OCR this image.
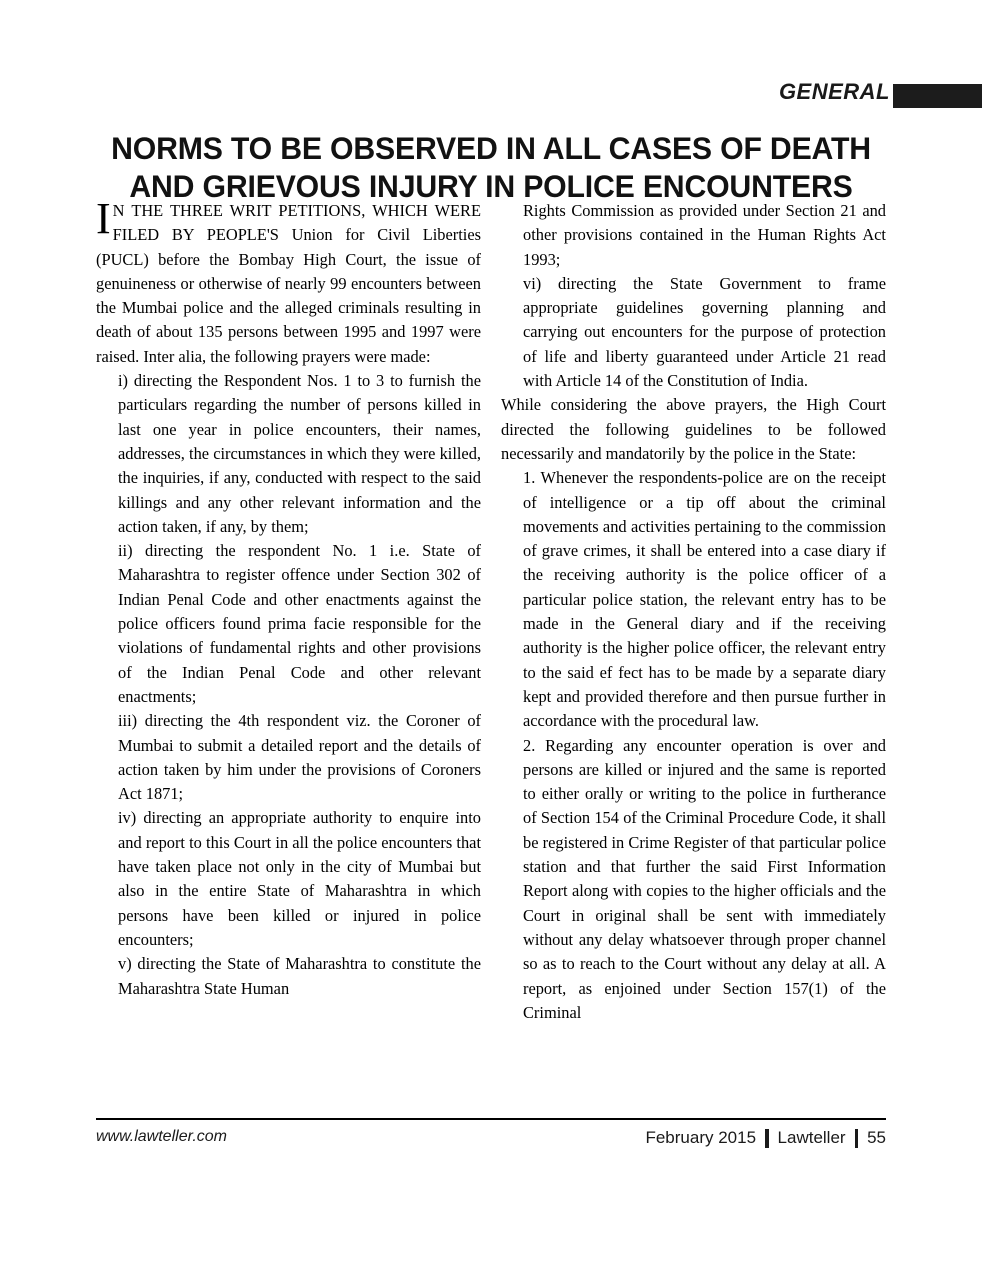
GENERAL
NORMS TO BE OBSERVED IN ALL CASES OF DEATH
AND GRIEVOUS INJURY IN POLICE ENCOUNTERS

I N THE THREE WRIT PETITIONS, WHICH WERE FILED BY PEOPLE'S Union for Civil Liberties (PUCL) before the Bombay High Court, the issue of genuineness or otherwise of nearly 99 encounters between the Mumbai police and the alleged criminals resulting in death of about 135 persons between 1995 and 1997 were raised. Inter alia, the following prayers were made:

i) directing the Respondent Nos. 1 to 3 to furnish the particulars regarding the number of persons killed in last one year in police encounters, their names, addresses, the circumstances in which they were killed, the inquiries, if any, conducted with respect to the said killings and any other relevant information and the action taken, if any, by them;

ii) directing the respondent No. 1 i.e. State of Maharashtra to register offence under Section 302 of Indian Penal Code and other enactments against the police officers found prima facie responsible for the violations of fundamental rights and other provisions of the Indian Penal Code and other relevant enactments;

iii) directing the 4th respondent viz. the Coroner of Mumbai to submit a detailed report and the details of action taken by him under the provisions of Coroners Act 1871;

iv) directing an appropriate authority to enquire into and report to this Court in all the police encounters that have taken place not only in the city of Mumbai but also in the entire State of Maharashtra in which persons have been killed or injured in police encounters;

v) directing the State of Maharashtra to constitute the Maharashtra State Human

Rights Commission as provided under Section 21 and other provisions contained in the Human Rights Act 1993;

vi) directing the State Government to frame appropriate guidelines governing planning and carrying out encounters for the purpose of protection of life and liberty guaranteed under Article 21 read with Article 14 of the Constitution of India.

While considering the above prayers, the High Court directed the following guidelines to be followed necessarily and mandatorily by the police in the State:

1. Whenever the respondents-police are on the receipt of intelligence or a tip off about the criminal movements and activities pertaining to the commission of grave crimes, it shall be entered into a case diary if the receiving authority is the police officer of a particular police station, the relevant entry has to be made in the General diary and if the receiving authority is the higher police officer, the relevant entry to the said ef fect has to be made by a separate diary kept and provided therefore and then pursue further in accordance with the procedural law.

2. Regarding any encounter operation is over and persons are killed or injured and the same is reported to either orally or writing to the police in furtherance of Section 154 of the Criminal Procedure Code, it shall be registered in Crime Register of that particular police station and that further the said First Information Report along with copies to the higher officials and the Court in original shall be sent with immediately without any delay whatsoever through proper channel so as to reach to the Court without any delay at all. A report, as enjoined under Section 157(1) of the Criminal

www.lawteller.com	February 2015 Lawteller 55
